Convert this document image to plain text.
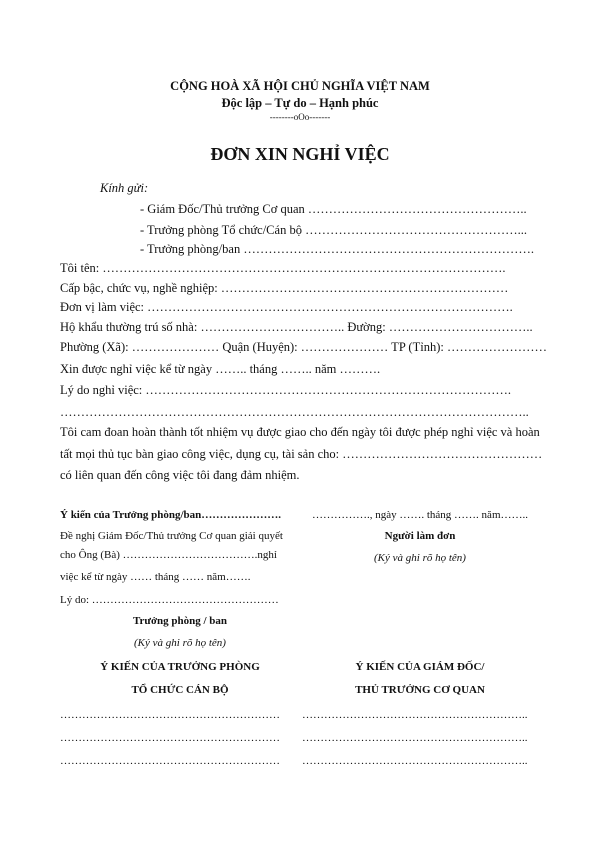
CỘNG HOÀ XÃ HỘI CHỦ NGHĨA VIỆT NAM
Độc lập – Tự do – Hạnh phúc
--------oOo-------
ĐƠN XIN NGHỈ VIỆC
Kính gửi:
- Giám Đốc/Thủ trưởng Cơ quan ……………………………………………..
- Trưởng phòng Tổ chức/Cán bộ ……………………………………………...
- Trưởng phòng/ban …………………………………………………………….
Tôi tên: …………………………………………………………………………………….
Cấp bậc, chức vụ, nghề nghiệp: ……………………………………………………………
Đơn vị làm việc: …………………………………………………………………………….
Hộ khẩu thường trú số nhà: …………………………….. Đường: ……………………………..
Phường (Xã): ………………… Quận (Huyện): ………………… TP (Tỉnh): ……………………
Xin được nghỉ việc kể từ ngày …….. tháng …….. năm ……….
Lý do nghỉ việc: …………………………………………………………………………….
…………………………………………………………………………………………………..
Tôi cam đoan hoàn thành tốt nhiệm vụ được giao cho đến ngày tôi được phép nghỉ việc và hoàn
tất mọi thủ tục bàn giao công việc, dụng cụ, tài sản cho: …………………………………………
có liên quan đến công việc tôi đang đảm nhiệm.
Ý kiến của Trưởng phòng/ban………………….
Đề nghị Giám Đốc/Thủ trưởng Cơ quan giải quyết
cho Ông (Bà) ……………………………….nghỉ
việc kể từ ngày …… tháng …… năm…….
Lý do: ……………………………………………
Trưởng phòng / ban
(Ký và ghi rõ họ tên)
……………., ngày ……. tháng ……. năm……..
Người làm đơn
(Ký và ghi rõ họ tên)
Ý KIẾN CỦA TRƯỞNG PHÒNG
TỔ CHỨC CÁN BỘ
……………………………………………………
……………………………………………………
……………………………………………………
Ý KIẾN CỦA GIÁM ĐỐC/
THỦ TRƯỞNG CƠ QUAN
……………………………………………………..
……………………………………………………..
……………………………………………………..
